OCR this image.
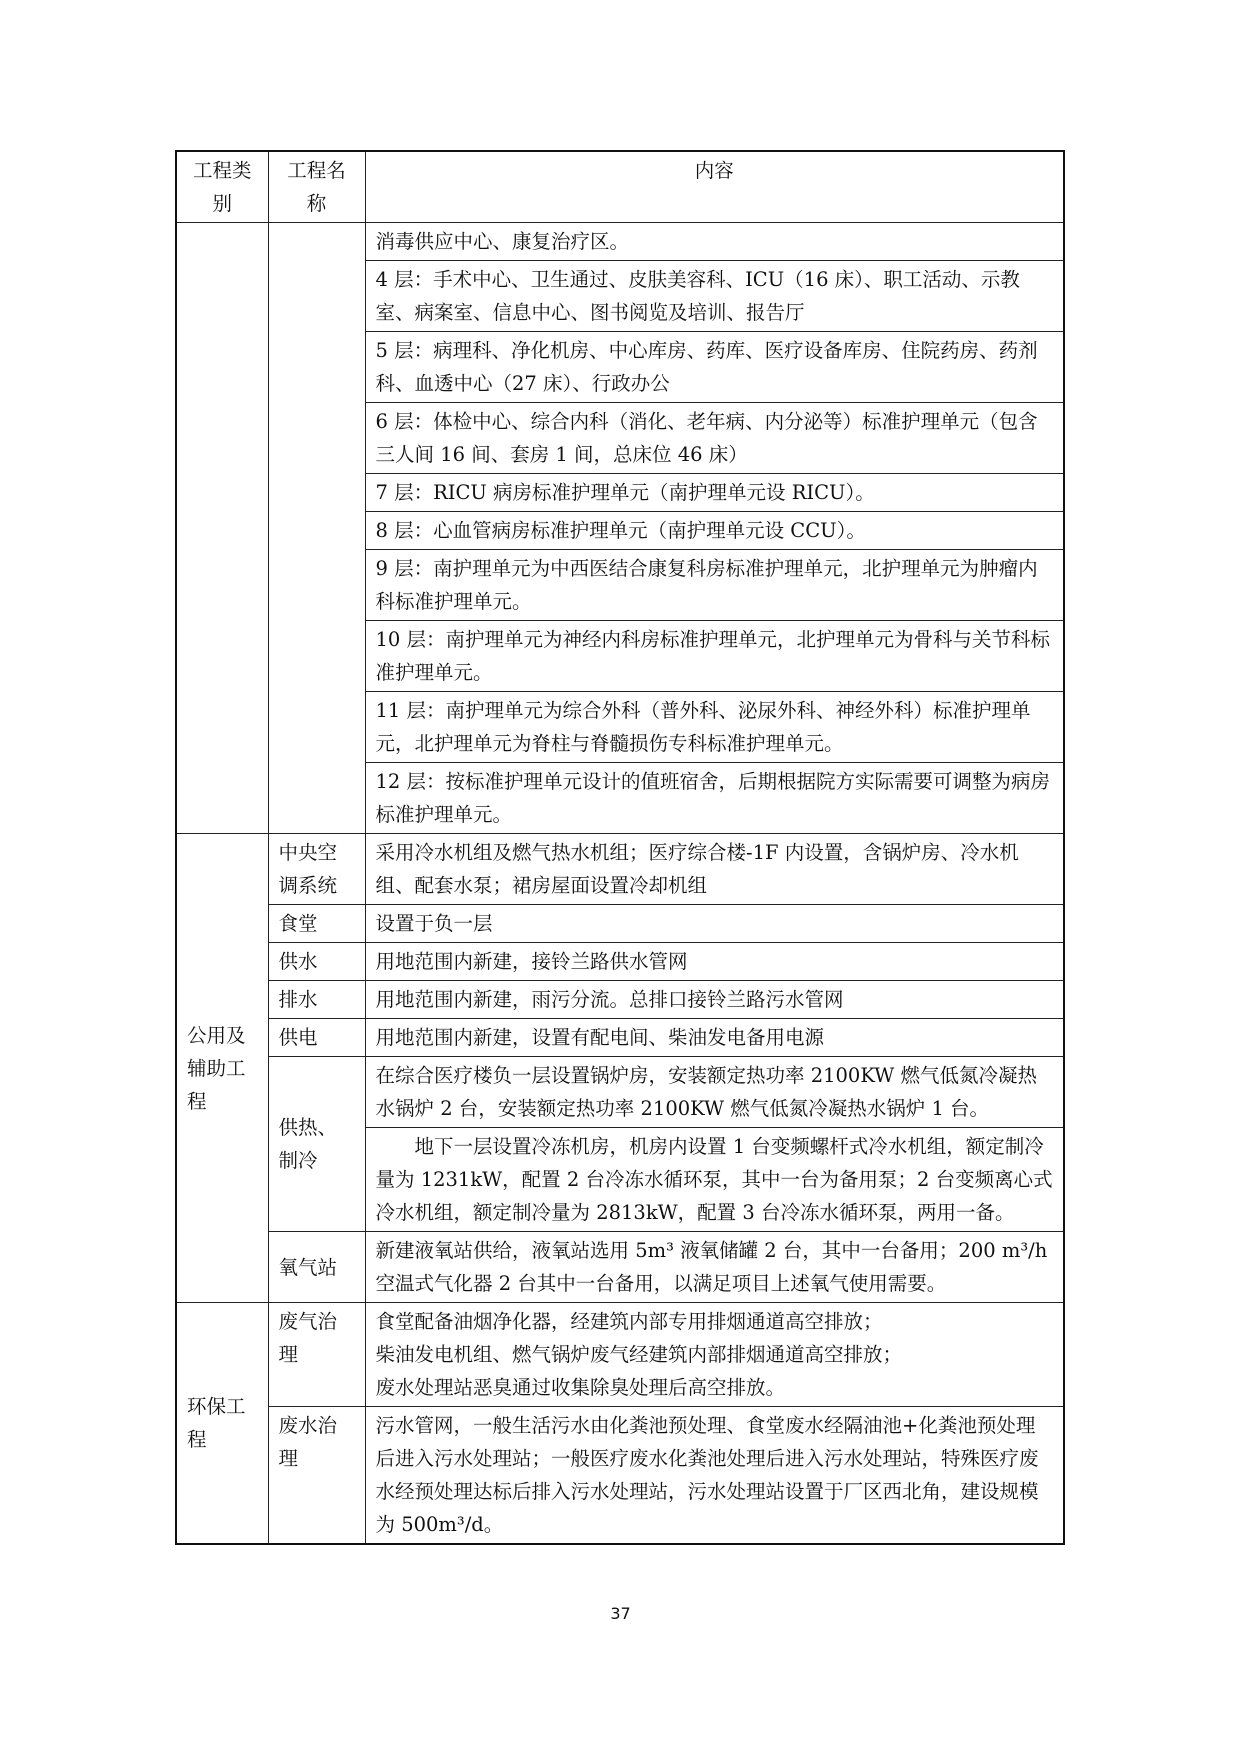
工程类别	工程名称	内容
		消毒供应中心、康复治疗区。
		4 层：手术中心、卫生通过、皮肤美容科、ICU（16 床）、职工活动、示教室、病案室、信息中心、图书阅览及培训、报告厅
		5 层：病理科、净化机房、中心库房、药库、医疗设备库房、住院药房、药剂科、血透中心（27 床）、行政办公
		6 层：体检中心、综合内科（消化、老年病、内分泌等）标准护理单元（包含三人间 16 间、套房 1 间，总床位 46 床）
		7 层：RICU 病房标准护理单元（南护理单元设 RICU）。
		8 层：心血管病房标准护理单元（南护理单元设 CCU）。
		9 层：南护理单元为中西医结合康复科房标准护理单元，北护理单元为肿瘤内科标准护理单元。
		10 层：南护理单元为神经内科房标准护理单元，北护理单元为骨科与关节科标准护理单元。
		11 层：南护理单元为综合外科（普外科、泌尿外科、神经外科）标准护理单元，北护理单元为脊柱与脊髓损伤专科标准护理单元。
		12 层：按标准护理单元设计的值班宿舍，后期根据院方实际需要可调整为病房标准护理单元。
公用及辅助工程	中央空调系统	采用冷水机组及燃气热水机组；医疗综合楼-1F 内设置，含锅炉房、冷水机组、配套水泵；裙房屋面设置冷却机组
	食堂	设置于负一层
	供水	用地范围内新建，接铃兰路供水管网
	排水	用地范围内新建，雨污分流。总排口接铃兰路污水管网
	供电	用地范围内新建，设置有配电间、柴油发电备用电源
	供热、制冷	在综合医疗楼负一层设置锅炉房，安装额定热功率 2100KW 燃气低氮冷凝热水锅炉 2 台，安装额定热功率 2100KW 燃气低氮冷凝热水锅炉 1 台。
		地下一层设置冷冻机房，机房内设置 1 台变频螺杆式冷水机组，额定制冷量为 1231kW，配置 2 台冷冻水循环泵，其中一台为备用泵；2 台变频离心式冷水机组，额定制冷量为 2813kW，配置 3 台冷冻水循环泵，两用一备。
	氧气站	新建液氧站供给，液氧站选用 5m³ 液氧储罐 2 台，其中一台备用；200 m³/h 空温式气化器 2 台其中一台备用，以满足项目上述氧气使用需要。
环保工程	废气治理	食堂配备油烟净化器，经建筑内部专用排烟通道高空排放；
柴油发电机组、燃气锅炉废气经建筑内部排烟通道高空排放；
废水处理站恶臭通过收集除臭处理后高空排放。

	废水治理	污水管网，一般生活污水由化粪池预处理、食堂废水经隔油池+化粪池预处理后进入污水处理站；一般医疗废水化粪池处理后进入污水处理站，特殊医疗废水经预处理达标后排入污水处理站，污水处理站设置于厂区西北角，建设规模为 500m³/d。
37
